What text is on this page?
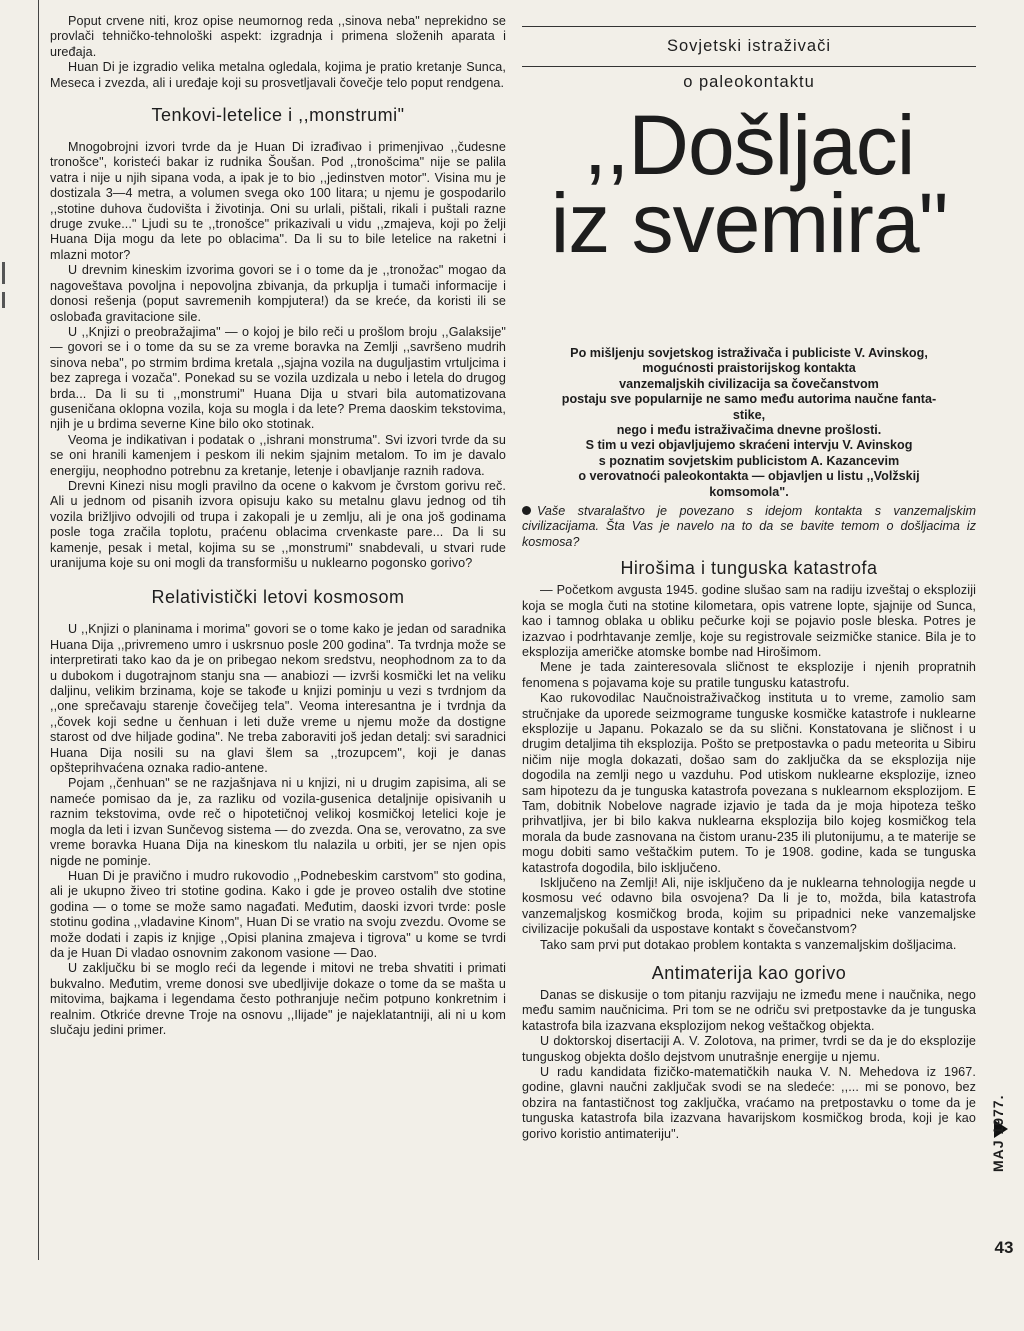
Poput crvene niti, kroz opise neumornog reda ,,sinova neba" neprekidno se provlači tehničko-tehnološki aspekt: izgradnja i primena složenih aparata i uređaja.

Huan Di je izgradio velika metalna ogledala, kojima je pratio kretanje Sunca, Meseca i zvezda, ali i uređaje koji su prosvetljavali čovečje telo poput rendgena.

Tenkovi-letelice i ,,monstrumi"

Mnogobrojni izvori tvrde da je Huan Di izrađivao i primenjivao ,,čudesne tronošce", koristeći bakar iz rudnika Šoušan. Pod ,,tronošcima" nije se palila vatra i nije u njih sipana voda, a ipak je to bio ,,jedinstven motor". Visina mu je dostizala 3—4 metra, a volumen svega oko 100 litara; u njemu je gospodarilo ,,stotine duhova čudovišta i životinja. Oni su urlali, pištali, rikali i puštali razne druge zvuke..." Ljudi su te ,,tronošce" prikazivali u vidu ,,zmajeva, koji po želji Huana Dija mogu da lete po oblacima". Da li su to bile letelice na raketni i mlazni motor?

U drevnim kineskim izvorima govori se i o tome da je ,,tronožac" mogao da nagoveštava povoljna i nepovoljna zbivanja, da prkuplja i tumači informacije i donosi rešenja (poput savremenih kompjutera!) da se kreće, da koristi ili se oslobađa gravitacione sile.

U ,,Knjizi o preobražajima" — o kojoj je bilo reči u prošlom broju ,,Galaksije" — govori se i o tome da su se za vreme boravka na Zemlji ,,savršeno mudrih sinova neba", po strmim brdima kretala ,,sjajna vozila na duguljastim vrtuljcima i bez zaprega i vozača". Ponekad su se vozila uzdizala u nebo i letela do drugog brda... Da li su ti ,,monstrumi" Huana Dija u stvari bila automatizovana guseničana oklopna vozila, koja su mogla i da lete? Prema daoskim tekstovima, njih je u brdima severne Kine bilo oko stotinak.

Veoma je indikativan i podatak o ,,ishrani monstruma". Svi izvori tvrde da su se oni hranili kamenjem i peskom ili nekim sjajnim metalom. To im je davalo energiju, neophodno potrebnu za kretanje, letenje i obavljanje raznih radova.

Drevni Kinezi nisu mogli pravilno da ocene o kakvom je čvrstom gorivu reč. Ali u jednom od pisanih izvora opisuju kako su metalnu glavu jednog od tih vozila brižljivo odvojili od trupa i zakopali je u zemlju, ali je ona još godinama posle toga zračila toplotu, praćenu oblacima crvenkaste pare... Da li su kamenje, pesak i metal, kojima su se ,,monstrumi" snabdevali, u stvari rude uranijuma koje su oni mogli da transformišu u nuklearno pogonsko gorivo?

Relativistički letovi kosmosom

U ,,Knjizi o planinama i morima" govori se o tome kako je jedan od saradnika Huana Dija ,,privremeno umro i uskrsnuo posle 200 godina". Ta tvrdnja može se interpretirati tako kao da je on pribegao nekom sredstvu, neophodnom za to da u dubokom i dugotrajnom stanju sna — anabiozi — izvrši kosmički let na veliku daljinu, velikim brzinama, koje se takođe u knjizi pominju u vezi s tvrdnjom da ,,one sprečavaju starenje čovečijeg tela". Veoma interesantna je i tvrdnja da ,,čovek koji sedne u čenhuan i leti duže vreme u njemu može da dostigne starost od dve hiljade godina". Ne treba zaboraviti još jedan detalj: svi saradnici Huana Dija nosili su na glavi šlem sa ,,trozupcem", koji je danas opšteprihvaćena oznaka radio-antene.

Pojam ,,čenhuan" se ne razjašnjava ni u knjizi, ni u drugim zapisima, ali se nameće pomisao da je, za razliku od vozila-gusenica detaljnije opisivanih u raznim tekstovima, ovde reč o hipotetičnoj velikoj kosmičkoj letelici koje je mogla da leti i izvan Sunčevog sistema — do zvezda. Ona se, verovatno, za sve vreme boravka Huana Dija na kineskom tlu nalazila u orbiti, jer se njen opis nigde ne pominje.

Huan Di je pravično i mudro rukovodio ,,Podnebeskim carstvom" sto godina, ali je ukupno živeo tri stotine godina. Kako i gde je proveo ostalih dve stotine godina — o tome se može samo nagađati. Međutim, daoski izvori tvrde: posle stotinu godina ,,vladavine Kinom", Huan Di se vratio na svoju zvezdu. Ovome se može dodati i zapis iz knjige ,,Opisi planina zmajeva i tigrova" u kome se tvrdi da je Huan Di vladao osnovnim zakonom vasione — Dao.

U zaključku bi se moglo reći da legende i mitovi ne treba shvatiti i primati bukvalno. Međutim, vreme donosi sve ubedljivije dokaze o tome da se mašta u mitovima, bajkama i legendama često pothranjuje nečim potpuno konkretnim i realnim. Otkriće drevne Troje na osnovu ,,Ilijade" je najeklatantniji, ali ni u kom slučaju jedini primer.

Sovjetski istraživači
o paleokontaktu
,,Došljaci
iz svemira"
Po mišljenju sovjetskog istraživača i publiciste V. Avinskog,
mogućnosti praistorijskog kontakta
vanzemaljskih civilizacija sa čovečanstvom
postaju sve popularnije ne samo među autorima naučne fanta-
stike,
nego i među istraživačima dnevne prošlosti.
S tim u vezi objavljujemo skraćeni intervju V. Avinskog
s poznatim sovjetskim publicistom A. Kazancevim
o verovatnoći paleokontakta — objavljen u listu ,,Volžskij
komsomola".

Vaše stvaralaštvo je povezano s idejom kontakta s vanzemaljskim civilizacijama. Šta Vas je navelo na to da se bavite temom o došljacima iz kosmosa?

Hirošima i tunguska katastrofa

— Početkom avgusta 1945. godine slušao sam na radiju izveštaj o eksploziji koja se mogla čuti na stotine kilometara, opis vatrene lopte, sjajnije od Sunca, kao i tamnog oblaka u obliku pečurke koji se pojavio posle bleska. Potres je izazvao i podrhtavanje zemlje, koje su registrovale seizmičke stanice. Bila je to eksplozija američke atomske bombe nad Hirošimom.

Mene je tada zainteresovala sličnost te eksplozije i njenih propratnih fenomena s pojavama koje su pratile tungusku katastrofu.

Kao rukovodilac Naučnoistraživačkog instituta u to vreme, zamolio sam stručnjake da uporede seizmograme tunguske kosmičke katastrofe i nuklearne eksplozije u Japanu. Pokazalo se da su slični. Konstatovana je sličnost i u drugim detaljima tih eksplozija. Pošto se pretpostavka o padu meteorita u Sibiru ničim nije mogla dokazati, došao sam do zaključka da se eksplozija nije dogodila na zemlji nego u vazduhu. Pod utiskom nuklearne eksplozije, izneo sam hipotezu da je tunguska katastrofa povezana s nuklearnom eksplozijom. E Tam, dobitnik Nobelove nagrade izjavio je tada da je moja hipoteza teško prihvatljiva, jer bi bilo kakva nuklearna eksplozija bilo kojeg kosmičkog tela morala da bude zasnovana na čistom uranu-235 ili plutonijumu, a te materije se mogu dobiti samo veštačkim putem. To je 1908. godine, kada se tunguska katastrofa dogodila, bilo isključeno.

Isključeno na Zemlji! Ali, nije isključeno da je nuklearna tehnologija negde u kosmosu već odavno bila osvojena? Da li je to, možda, bila katastrofa vanzemaljskog kosmičkog broda, kojim su pripadnici neke vanzemaljske civilizacije pokušali da uspostave kontakt s čovečanstvom?

Tako sam prvi put dotakao problem kontakta s vanzemaljskim došljacima.

Antimaterija kao gorivo

Danas se diskusije o tom pitanju razvijaju ne između mene i naučnika, nego među samim naučnicima. Pri tom se ne odriču svi pretpostavke da je tunguska katastrofa bila izazvana eksplozijom nekog veštačkog objekta.

U doktorskoj disertaciji A. V. Zolotova, na primer, tvrdi se da je do eksplozije tunguskog objekta došlo dejstvom unutrašnje energije u njemu.

U radu kandidata fizičko-matematičkih nauka V. N. Mehedova iz 1967. godine, glavni naučni zaključak svodi se na sledeće: ,,... mi se ponovo, bez obzira na fantastičnost tog zaključka, vraćamo na pretpostavku o tome da je tunguska katastrofa bila izazvana havarijskom kosmičkog broda, koji je kao gorivo koristio antimateriju".	MAJ 1977.
43
